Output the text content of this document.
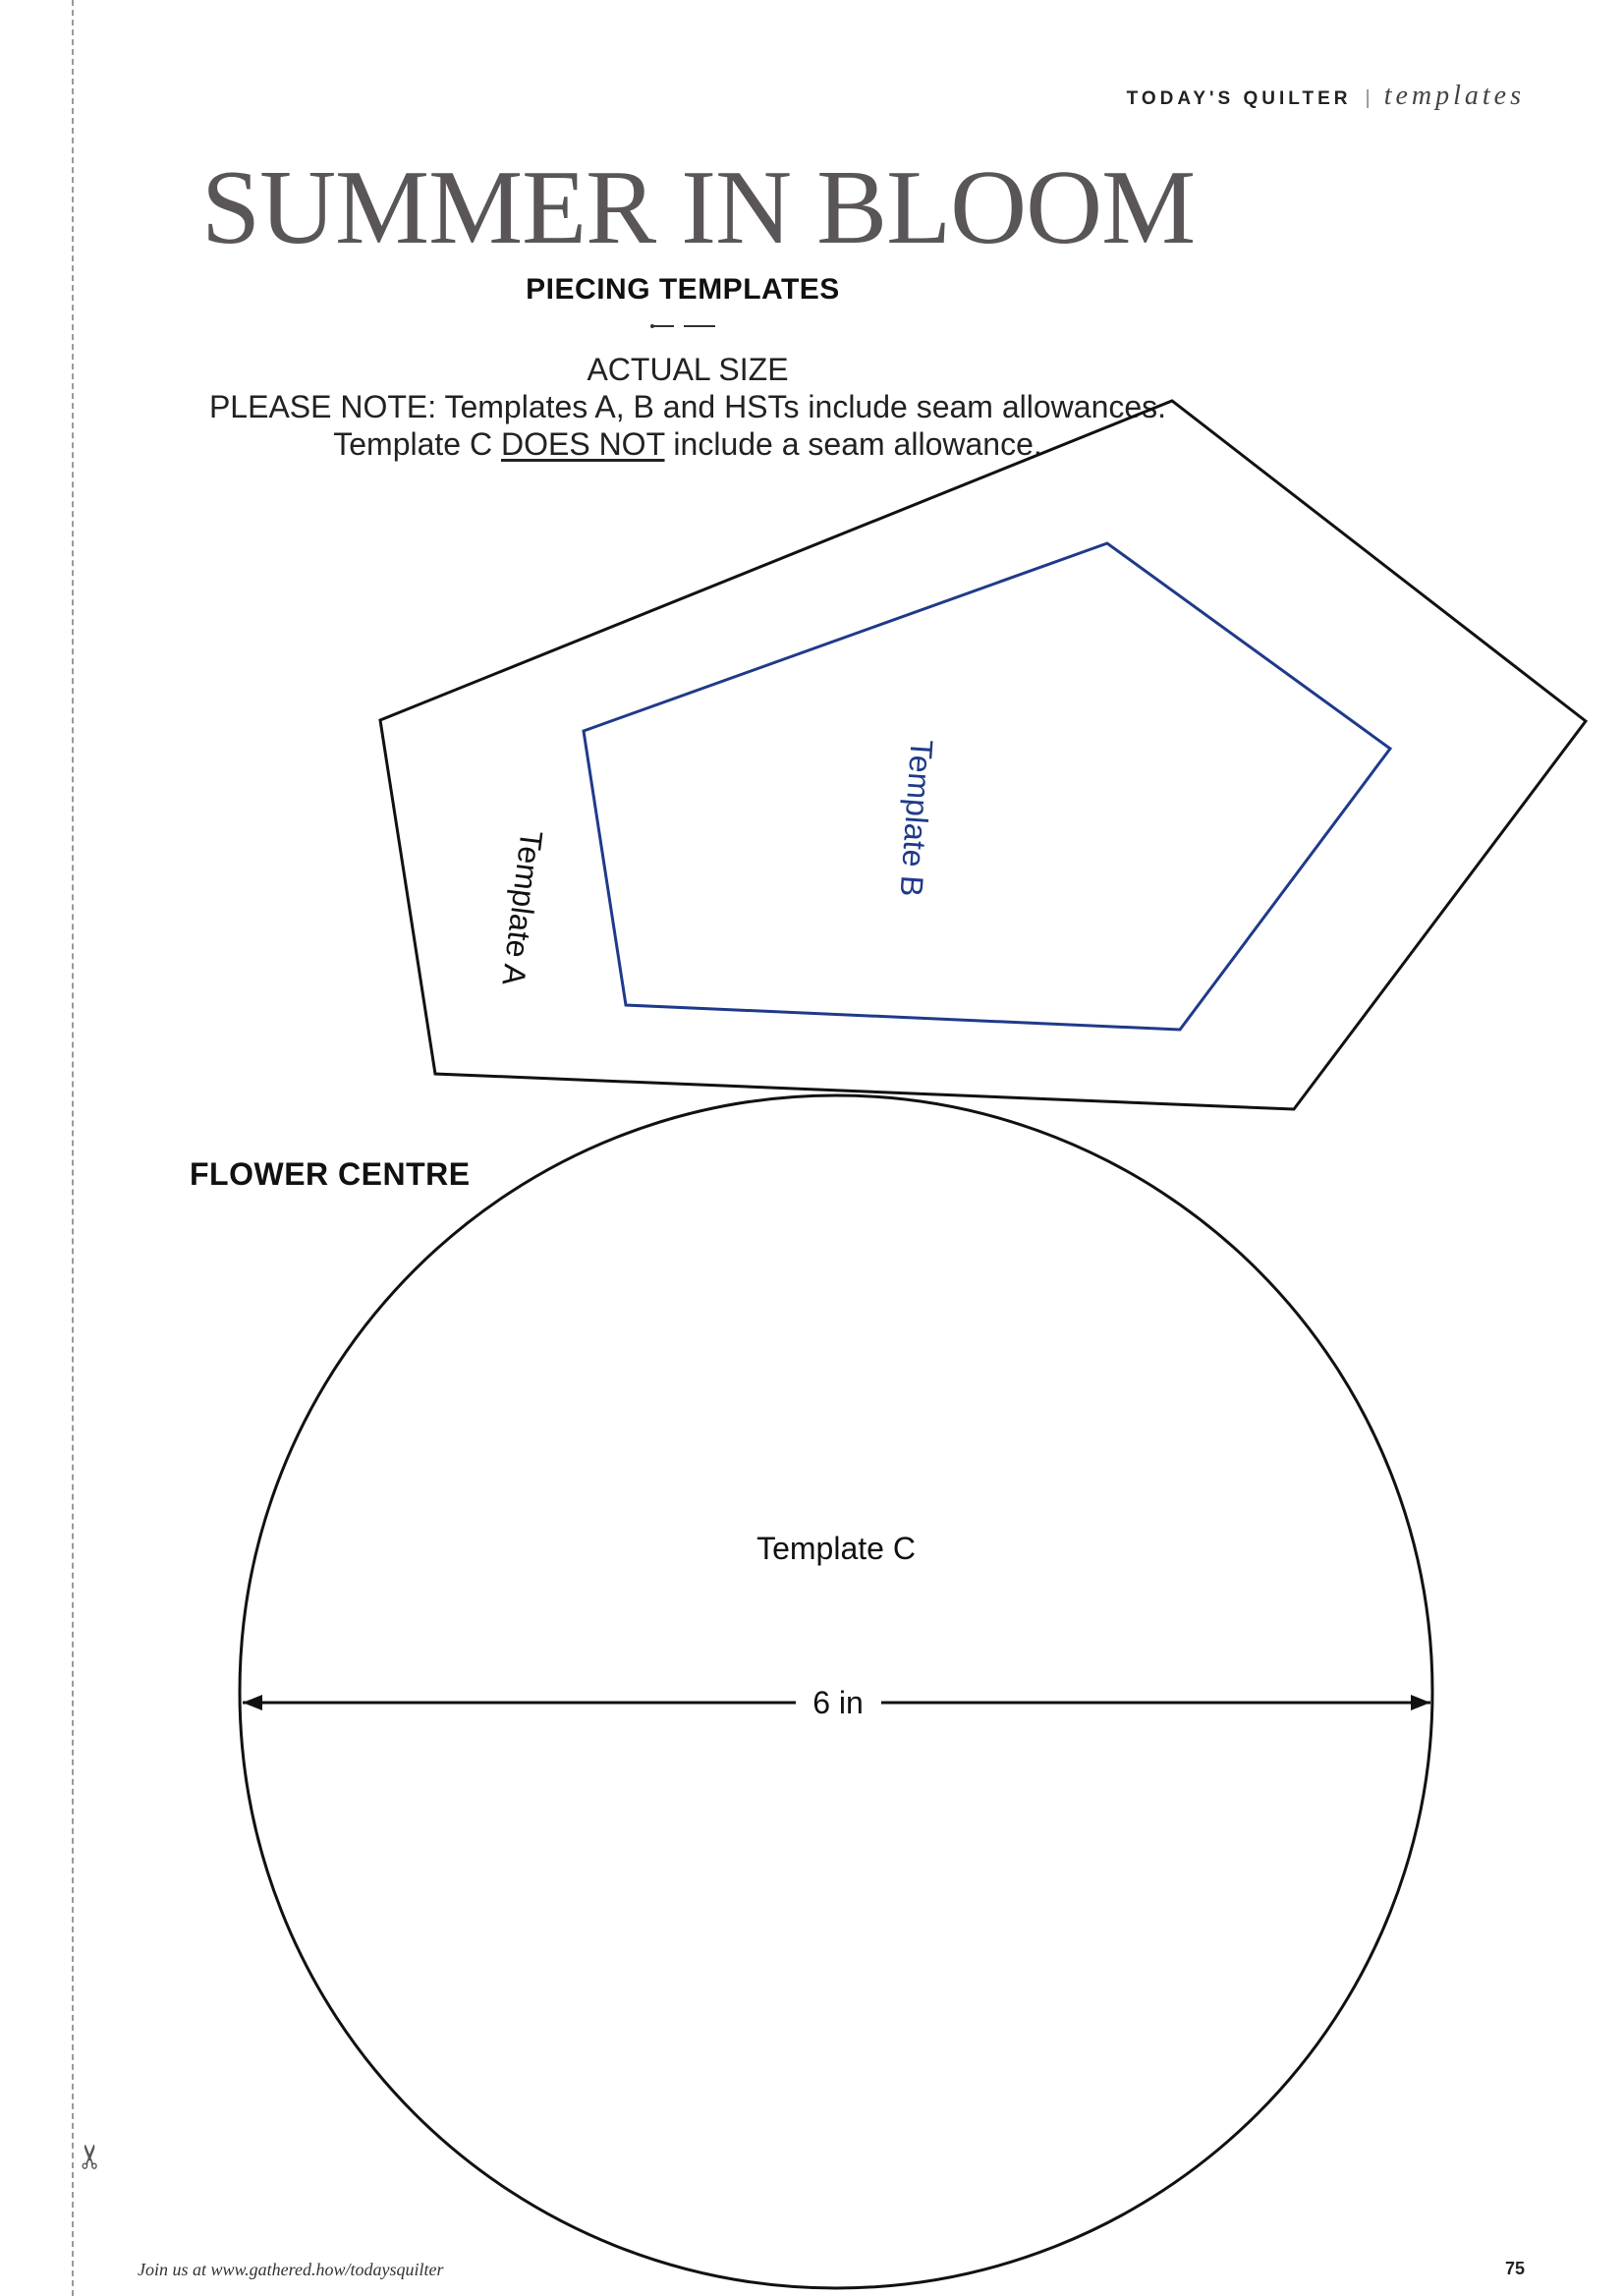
✂
TODAY'S QUILTER | templates
SUMMER IN BLOOM
PIECING TEMPLATES
ACTUAL SIZE
PLEASE NOTE: Templates A, B and HSTs include seam allowances.
Template C DOES NOT include a seam allowance.
Template A
Template B
Template C
6 in
FLOWER CENTRE
Join us at www.gathered.how/todaysquilter	75
